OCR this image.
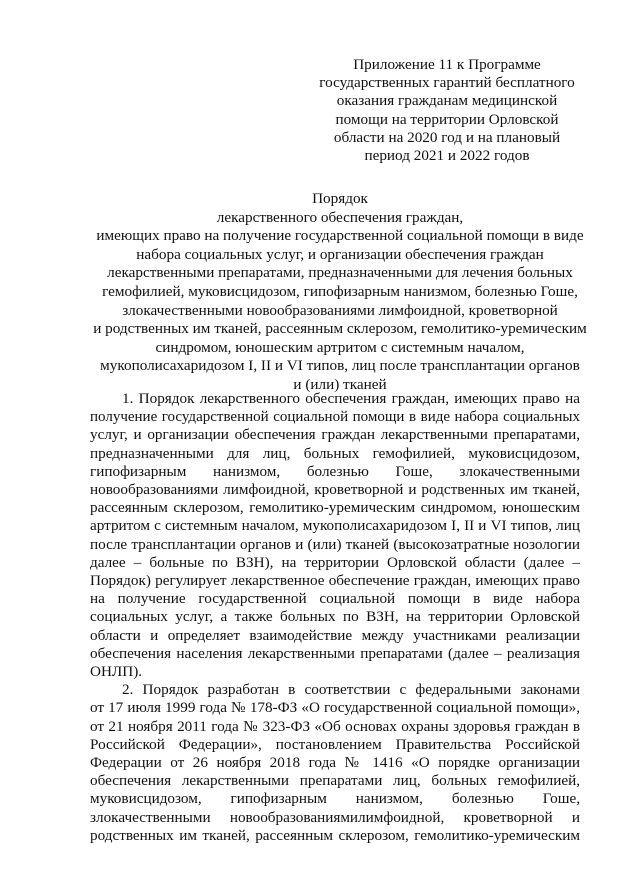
Приложение 11 к Программе
государственных гарантий бесплатного
оказания гражданам медицинской
помощи на территории Орловской
области на 2020 год и на плановый
период 2021 и 2022 годов
Порядок
лекарственного обеспечения граждан,
имеющих право на получение государственной социальной помощи в виде
набора социальных услуг, и организации обеспечения граждан
лекарственными препаратами, предназначенными для лечения больных
гемофилией, муковисцидозом, гипофизарным нанизмом, болезнью Гоше,
злокачественными новообразованиями лимфоидной, кроветворной
и родственных им тканей, рассеянным склерозом, гемолитико-уремическим
синдромом, юношеским артритом с системным началом,
мукополисахаридозом I, II и VI типов, лиц после трансплантации органов
и (или) тканей
1. Порядок лекарственного обеспечения граждан, имеющих право на
получение государственной социальной помощи в виде набора социальных
услуг, и организации обеспечения граждан лекарственными препаратами,
предназначенными для лиц, больных гемофилией, муковисцидозом,
гипофизарным нанизмом, болезнью Гоше, злокачественными
новообразованиями лимфоидной, кроветворной и родственных им тканей,
рассеянным склерозом, гемолитико-уремическим синдромом, юношеским
артритом с системным началом, мукополисахаридозом I, II и VI типов, лиц
после трансплантации органов и (или) тканей (высокозатратные нозологии
далее – больные по ВЗН), на территории Орловской области (далее –
Порядок) регулирует лекарственное обеспечение граждан, имеющих право
на получение государственной социальной помощи в виде набора
социальных услуг, а также больных по ВЗН, на территории Орловской
области и определяет взаимодействие между участниками реализации
обеспечения населения лекарственными препаратами (далее – реализация
ОНЛП).
2. Порядок разработан в соответствии с федеральными законами
от 17 июля 1999 года № 178-ФЗ «О государственной социальной помощи»,
от 21 ноября 2011 года № 323-ФЗ «Об основах охраны здоровья граждан в
Российской Федерации», постановлением Правительства Российской
Федерации от 26 ноября 2018 года № 1416 «О порядке организации
обеспечения лекарственными препаратами лиц, больных гемофилией,
муковисцидозом, гипофизарным нанизмом, болезнью Гоше,
злокачественными новообразованиямилимфоидной, кроветворной и
родственных им тканей, рассеянным склерозом, гемолитико-уремическим
